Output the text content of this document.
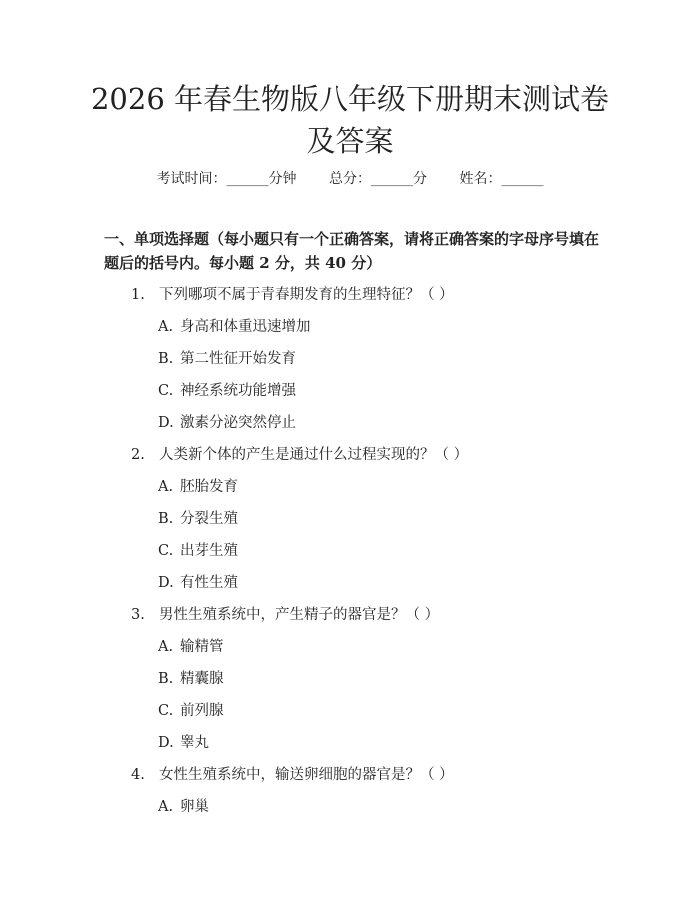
2026 年春生物版八年级下册期末测试卷及答案
考试时间：______分钟 总分：______分 姓名：______
一、单项选择题（每小题只有一个正确答案，请将正确答案的字母序号填在题后的括号内。每小题 2 分，共 40 分）
1. 下列哪项不属于青春期发育的生理特征？（ ）
A. 身高和体重迅速增加
B. 第二性征开始发育
C. 神经系统功能增强
D. 激素分泌突然停止
2. 人类新个体的产生是通过什么过程实现的？（ ）
A. 胚胎发育
B. 分裂生殖
C. 出芽生殖
D. 有性生殖
3. 男性生殖系统中，产生精子的器官是？（ ）
A. 输精管
B. 精囊腺
C. 前列腺
D. 睾丸
4. 女性生殖系统中，输送卵细胞的器官是？（ ）
A. 卵巢
